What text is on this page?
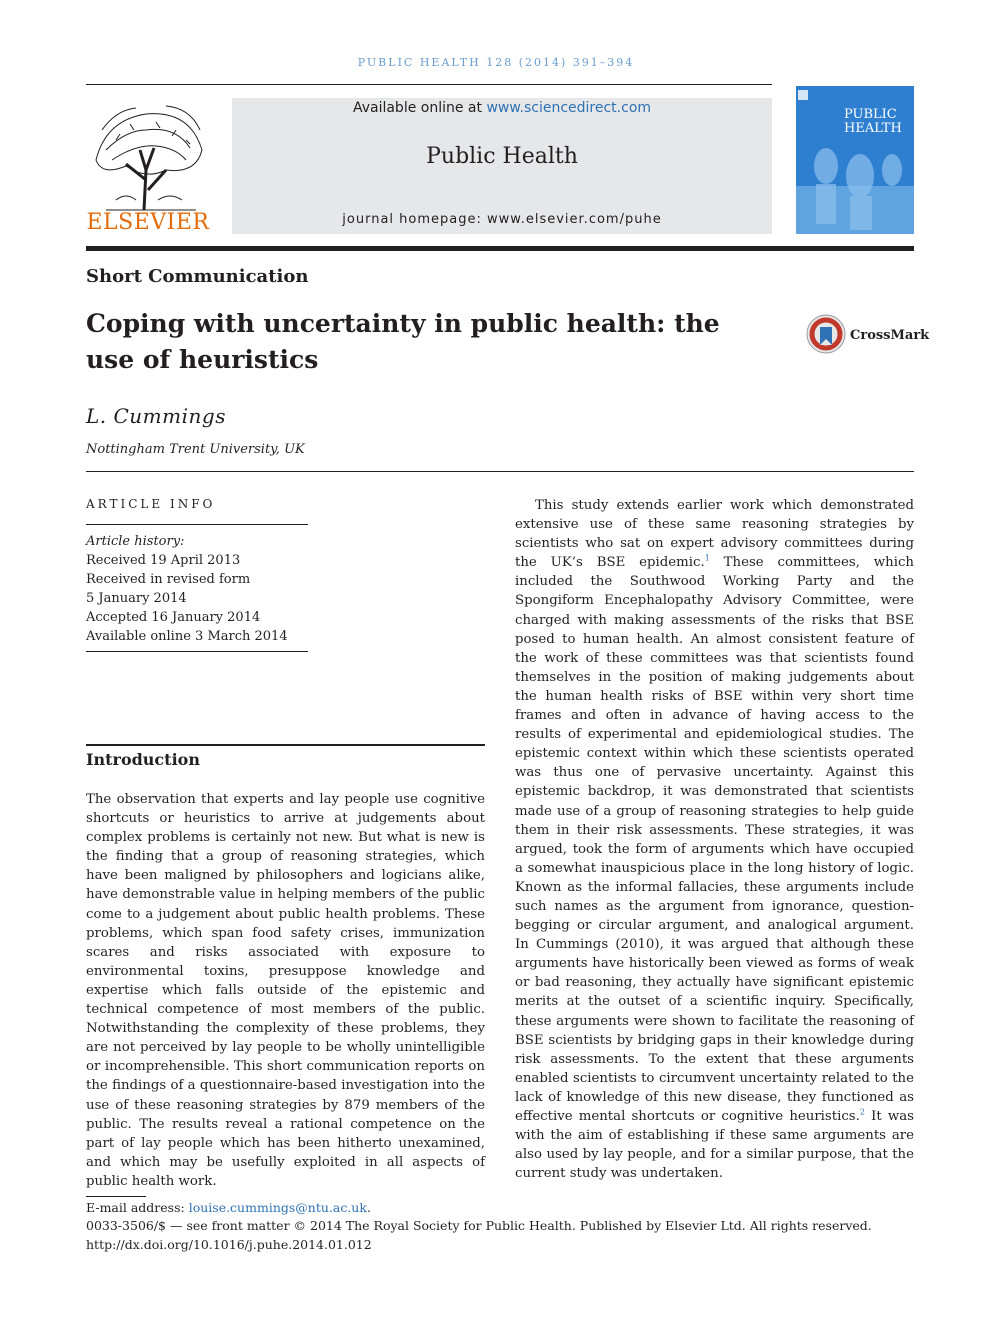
PUBLIC HEALTH 128 (2014) 391–394
ELSEVIER
Available online at www.sciencedirect.com
Public Health
journal homepage: www.elsevier.com/puhe
PUBLIC
HEALTH
Short Communication
Coping with uncertainty in public health: the use of heuristics
CrossMark
L. Cummings
Nottingham Trent University, UK
ARTICLE INFO
Article history:
Received 19 April 2013
Received in revised form
5 January 2014
Accepted 16 January 2014
Available online 3 March 2014
Introduction

The observation that experts and lay people use cognitive shortcuts or heuristics to arrive at judgements about complex problems is certainly not new. But what is new is the finding that a group of reasoning strategies, which have been maligned by philosophers and logicians alike, have demonstrable value in helping members of the public come to a judgement about public health problems. These problems, which span food safety crises, immunization scares and risks associated with exposure to environmental toxins, presuppose knowledge and expertise which falls outside of the epistemic and technical competence of most members of the public. Notwithstanding the complexity of these problems, they are not perceived by lay people to be wholly unintelligible or incomprehensible. This short communication reports on the findings of a questionnaire-based investigation into the use of these reasoning strategies by 879 members of the public. The results reveal a rational competence on the part of lay people which has been hitherto unexamined, and which may be usefully exploited in all aspects of public health work.

This study extends earlier work which demonstrated extensive use of these same reasoning strategies by scientists who sat on expert advisory committees during the UK’s BSE epidemic.$^1$ These committees, which included the Southwood Working Party and the Spongiform Encephalopathy Advisory Committee, were charged with making assessments of the risks that BSE posed to human health. An almost consistent feature of the work of these committees was that scientists found themselves in the position of making judgements about the human health risks of BSE within very short time frames and often in advance of having access to the results of experimental and epidemiological studies. The epistemic context within which these scientists operated was thus one of pervasive uncertainty. Against this epistemic backdrop, it was demonstrated that scientists made use of a group of reasoning strategies to help guide them in their risk assessments. These strategies, it was argued, took the form of arguments which have occupied a somewhat inauspicious place in the long history of logic. Known as the informal fallacies, these arguments include such names as the argument from ignorance, question-begging or circular argument, and analogical argument. In Cummings (2010), it was argued that although these arguments have historically been viewed as forms of weak or bad reasoning, they actually have significant epistemic merits at the outset of a scientific inquiry. Specifically, these arguments were shown to facilitate the reasoning of BSE scientists by bridging gaps in their knowledge during risk assessments. To the extent that these arguments enabled scientists to circumvent uncertainty related to the lack of knowledge of this new disease, they functioned as effective mental shortcuts or cognitive heuristics.$^2$ It was with the aim of establishing if these same arguments are also used by lay people, and for a similar purpose, that the current study was undertaken.

E-mail address: louise.cummings@ntu.ac.uk.
0033-3506/$ — see front matter © 2014 The Royal Society for Public Health. Published by Elsevier Ltd. All rights reserved.
http://dx.doi.org/10.1016/j.puhe.2014.01.012
